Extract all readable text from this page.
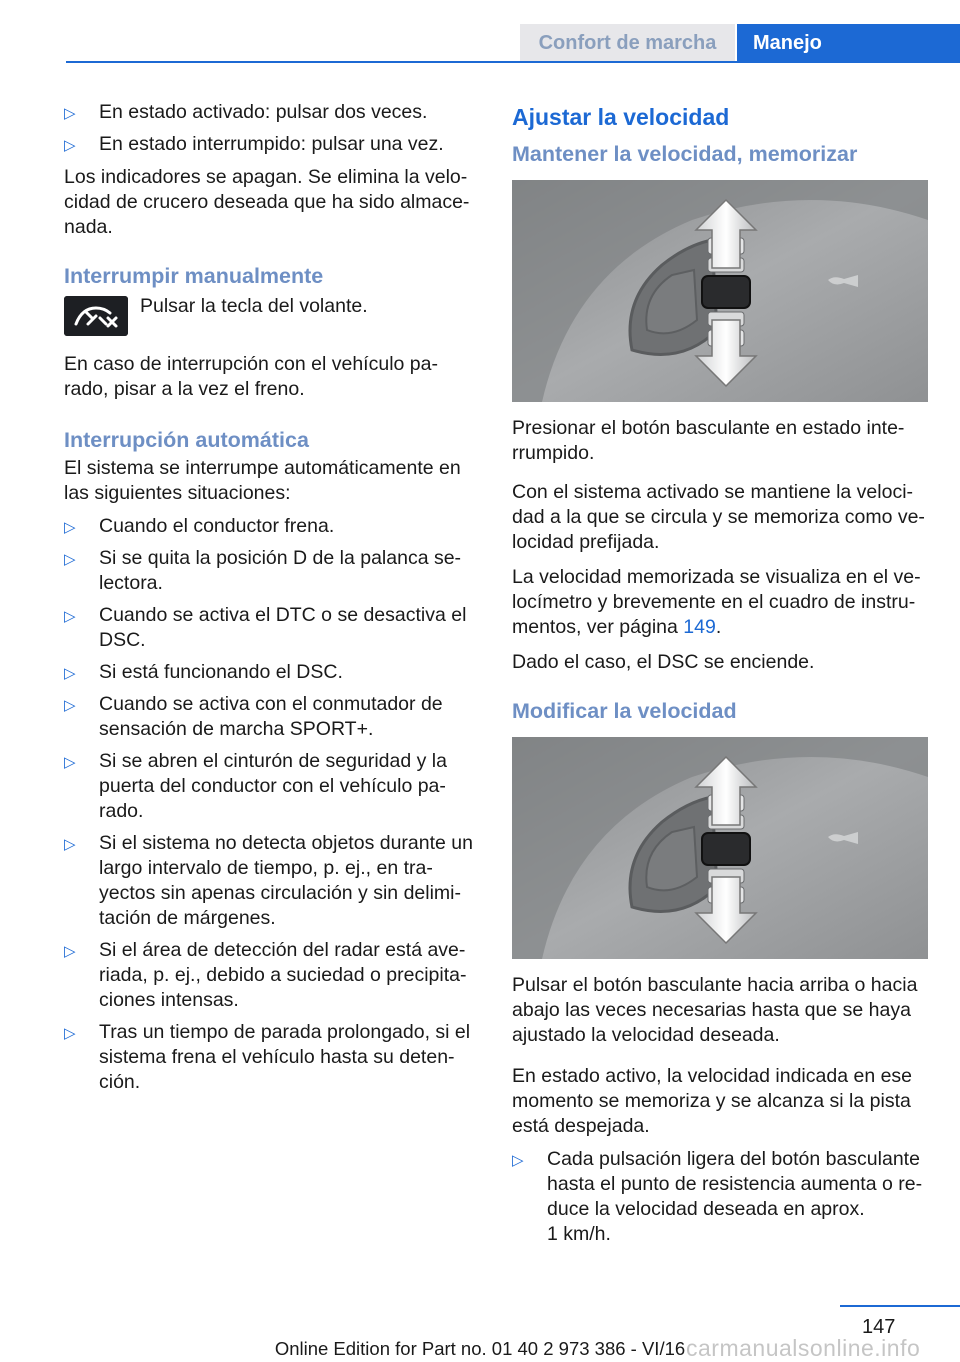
Confort de marcha	Manejo
▷ En estado activado: pulsar dos veces.
▷ En estado interrumpido: pulsar una vez.

Los indicadores se apagan. Se elimina la velo‐ cidad de crucero deseada que ha sido almace‐ nada.

Interrumpir manualmente
Pulsar la tecla del volante.

En caso de interrupción con el vehículo pa‐ rado, pisar a la vez el freno.

Interrupción automática

El sistema se interrumpe automáticamente en las siguientes situaciones:

▷ Cuando el conductor frena.
▷ Si se quita la posición D de la palanca se‐ lectora.
▷ Cuando se activa el DTC o se desactiva el DSC.
▷ Si está funcionando el DSC.
▷ Cuando se activa con el conmutador de sensación de marcha SPORT+.
▷ Si se abren el cinturón de seguridad y la puerta del conductor con el vehículo pa‐ rado.
▷ Si el sistema no detecta objetos durante un largo intervalo de tiempo, p. ej., en tra‐ yectos sin apenas circulación y sin delimi‐ tación de márgenes.
▷ Si el área de detección del radar está ave‐ riada, p. ej., debido a suciedad o precipita‐ ciones intensas.
▷ Tras un tiempo de parada prolongado, si el sistema frena el vehículo hasta su deten‐ ción.
Ajustar la velocidad
Mantener la velocidad, memorizar

Presionar el botón basculante en estado inte‐ rrumpido.

Con el sistema activado se mantiene la veloci‐ dad a la que se circula y se memoriza como ve‐ locidad prefijada.

La velocidad memorizada se visualiza en el ve‐ locímetro y brevemente en el cuadro de instru‐ mentos, ver página 149.

Dado el caso, el DSC se enciende.

Modificar la velocidad

Pulsar el botón basculante hacia arriba o hacia abajo las veces necesarias hasta que se haya ajustado la velocidad deseada.

En estado activo, la velocidad indicada en ese momento se memoriza y se alcanza si la pista está despejada.

▷ Cada pulsación ligera del botón basculante hasta el punto de resistencia aumenta o re‐ duce la velocidad deseada en aprox.
1 km/h.
147
Online Edition for Part no. 01 40 2 973 386 - VI/16 carmanualsonline.info
